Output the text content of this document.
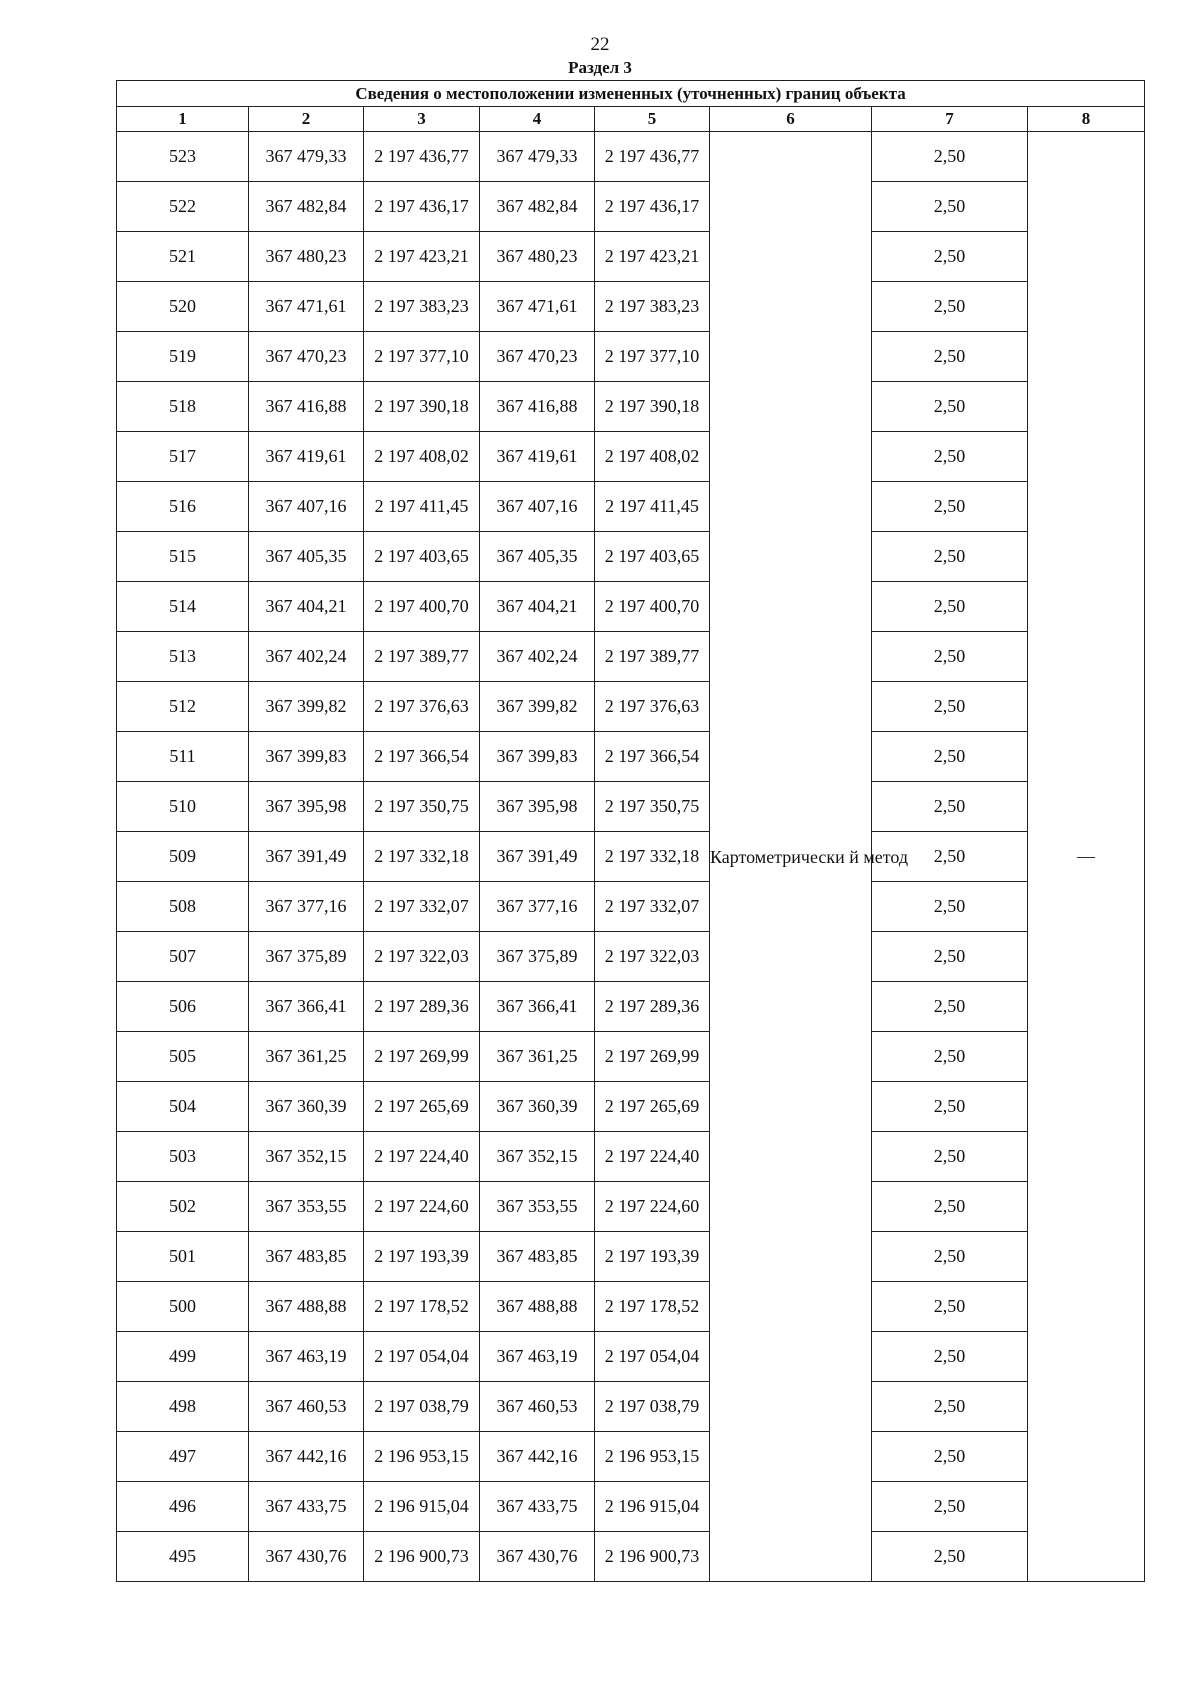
22
Раздел 3
Сведения о местоположении измененных (уточненных) границ объекта							
1	2	3	4	5	6	7	8
523	367 479,33	2 197 436,77	367 479,33	2 197 436,77	Картометрически й метод	2,50	—
522	367 482,84	2 197 436,17	367 482,84	2 197 436,17		2,50	
521	367 480,23	2 197 423,21	367 480,23	2 197 423,21		2,50	
520	367 471,61	2 197 383,23	367 471,61	2 197 383,23		2,50	
519	367 470,23	2 197 377,10	367 470,23	2 197 377,10		2,50	
518	367 416,88	2 197 390,18	367 416,88	2 197 390,18		2,50	
517	367 419,61	2 197 408,02	367 419,61	2 197 408,02		2,50	
516	367 407,16	2 197 411,45	367 407,16	2 197 411,45		2,50	
515	367 405,35	2 197 403,65	367 405,35	2 197 403,65		2,50	
514	367 404,21	2 197 400,70	367 404,21	2 197 400,70		2,50	
513	367 402,24	2 197 389,77	367 402,24	2 197 389,77		2,50	
512	367 399,82	2 197 376,63	367 399,82	2 197 376,63		2,50	
511	367 399,83	2 197 366,54	367 399,83	2 197 366,54		2,50	
510	367 395,98	2 197 350,75	367 395,98	2 197 350,75		2,50	
509	367 391,49	2 197 332,18	367 391,49	2 197 332,18		2,50	
508	367 377,16	2 197 332,07	367 377,16	2 197 332,07		2,50	
507	367 375,89	2 197 322,03	367 375,89	2 197 322,03		2,50	
506	367 366,41	2 197 289,36	367 366,41	2 197 289,36		2,50	
505	367 361,25	2 197 269,99	367 361,25	2 197 269,99		2,50	
504	367 360,39	2 197 265,69	367 360,39	2 197 265,69		2,50	
503	367 352,15	2 197 224,40	367 352,15	2 197 224,40		2,50	
502	367 353,55	2 197 224,60	367 353,55	2 197 224,60		2,50	
501	367 483,85	2 197 193,39	367 483,85	2 197 193,39		2,50	
500	367 488,88	2 197 178,52	367 488,88	2 197 178,52		2,50	
499	367 463,19	2 197 054,04	367 463,19	2 197 054,04		2,50	
498	367 460,53	2 197 038,79	367 460,53	2 197 038,79		2,50	
497	367 442,16	2 196 953,15	367 442,16	2 196 953,15		2,50	
496	367 433,75	2 196 915,04	367 433,75	2 196 915,04		2,50	
495	367 430,76	2 196 900,73	367 430,76	2 196 900,73		2,50	
